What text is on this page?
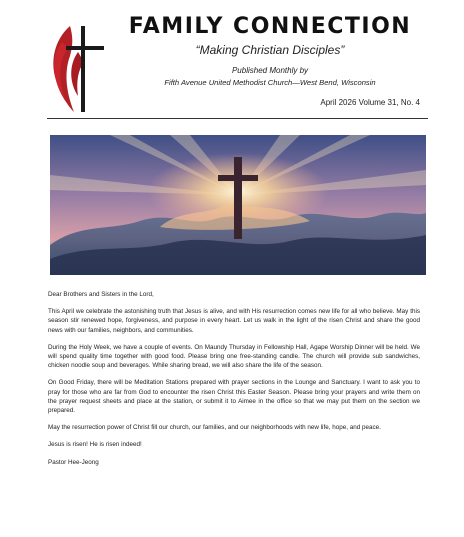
FAMILY CONNECTION
“Making Christian Disciples”
Published Monthly by
Fifth Avenue United Methodist Church—West Bend, Wisconsin
April 2026 Volume 31, No. 4

Dear Brothers and Sisters in the Lord,

This April we celebrate the astonishing truth that Jesus is alive, and with His resurrection comes new life for all who believe. May this season stir renewed hope, forgiveness, and purpose in every heart. Let us walk in the light of the risen Christ and share the good news with our families, neighbors, and communities.

During the Holy Week, we have a couple of events. On Maundy Thursday in Fellowship Hall, Agape Worship Dinner will be held. We will spend quality time together with good food. Please bring one free-standing candle. The church will provide sub sandwiches, chicken noodle soup and beverages. While sharing bread, we will also share the life of the season.

On Good Friday, there will be Meditation Stations prepared with prayer sections in the Lounge and Sanctuary. I want to ask you to pray for those who are far from God to encounter the risen Christ this Easter Season. Please bring your prayers and write them on the prayer request sheets and place at the station, or submit it to Aimee in the office so that we may put them on the section we prepared.

May the resurrection power of Christ fill our church, our families, and our neighborhoods with new life, hope, and peace.

Jesus is risen! He is risen indeed!

Pastor Hee-Jeong
